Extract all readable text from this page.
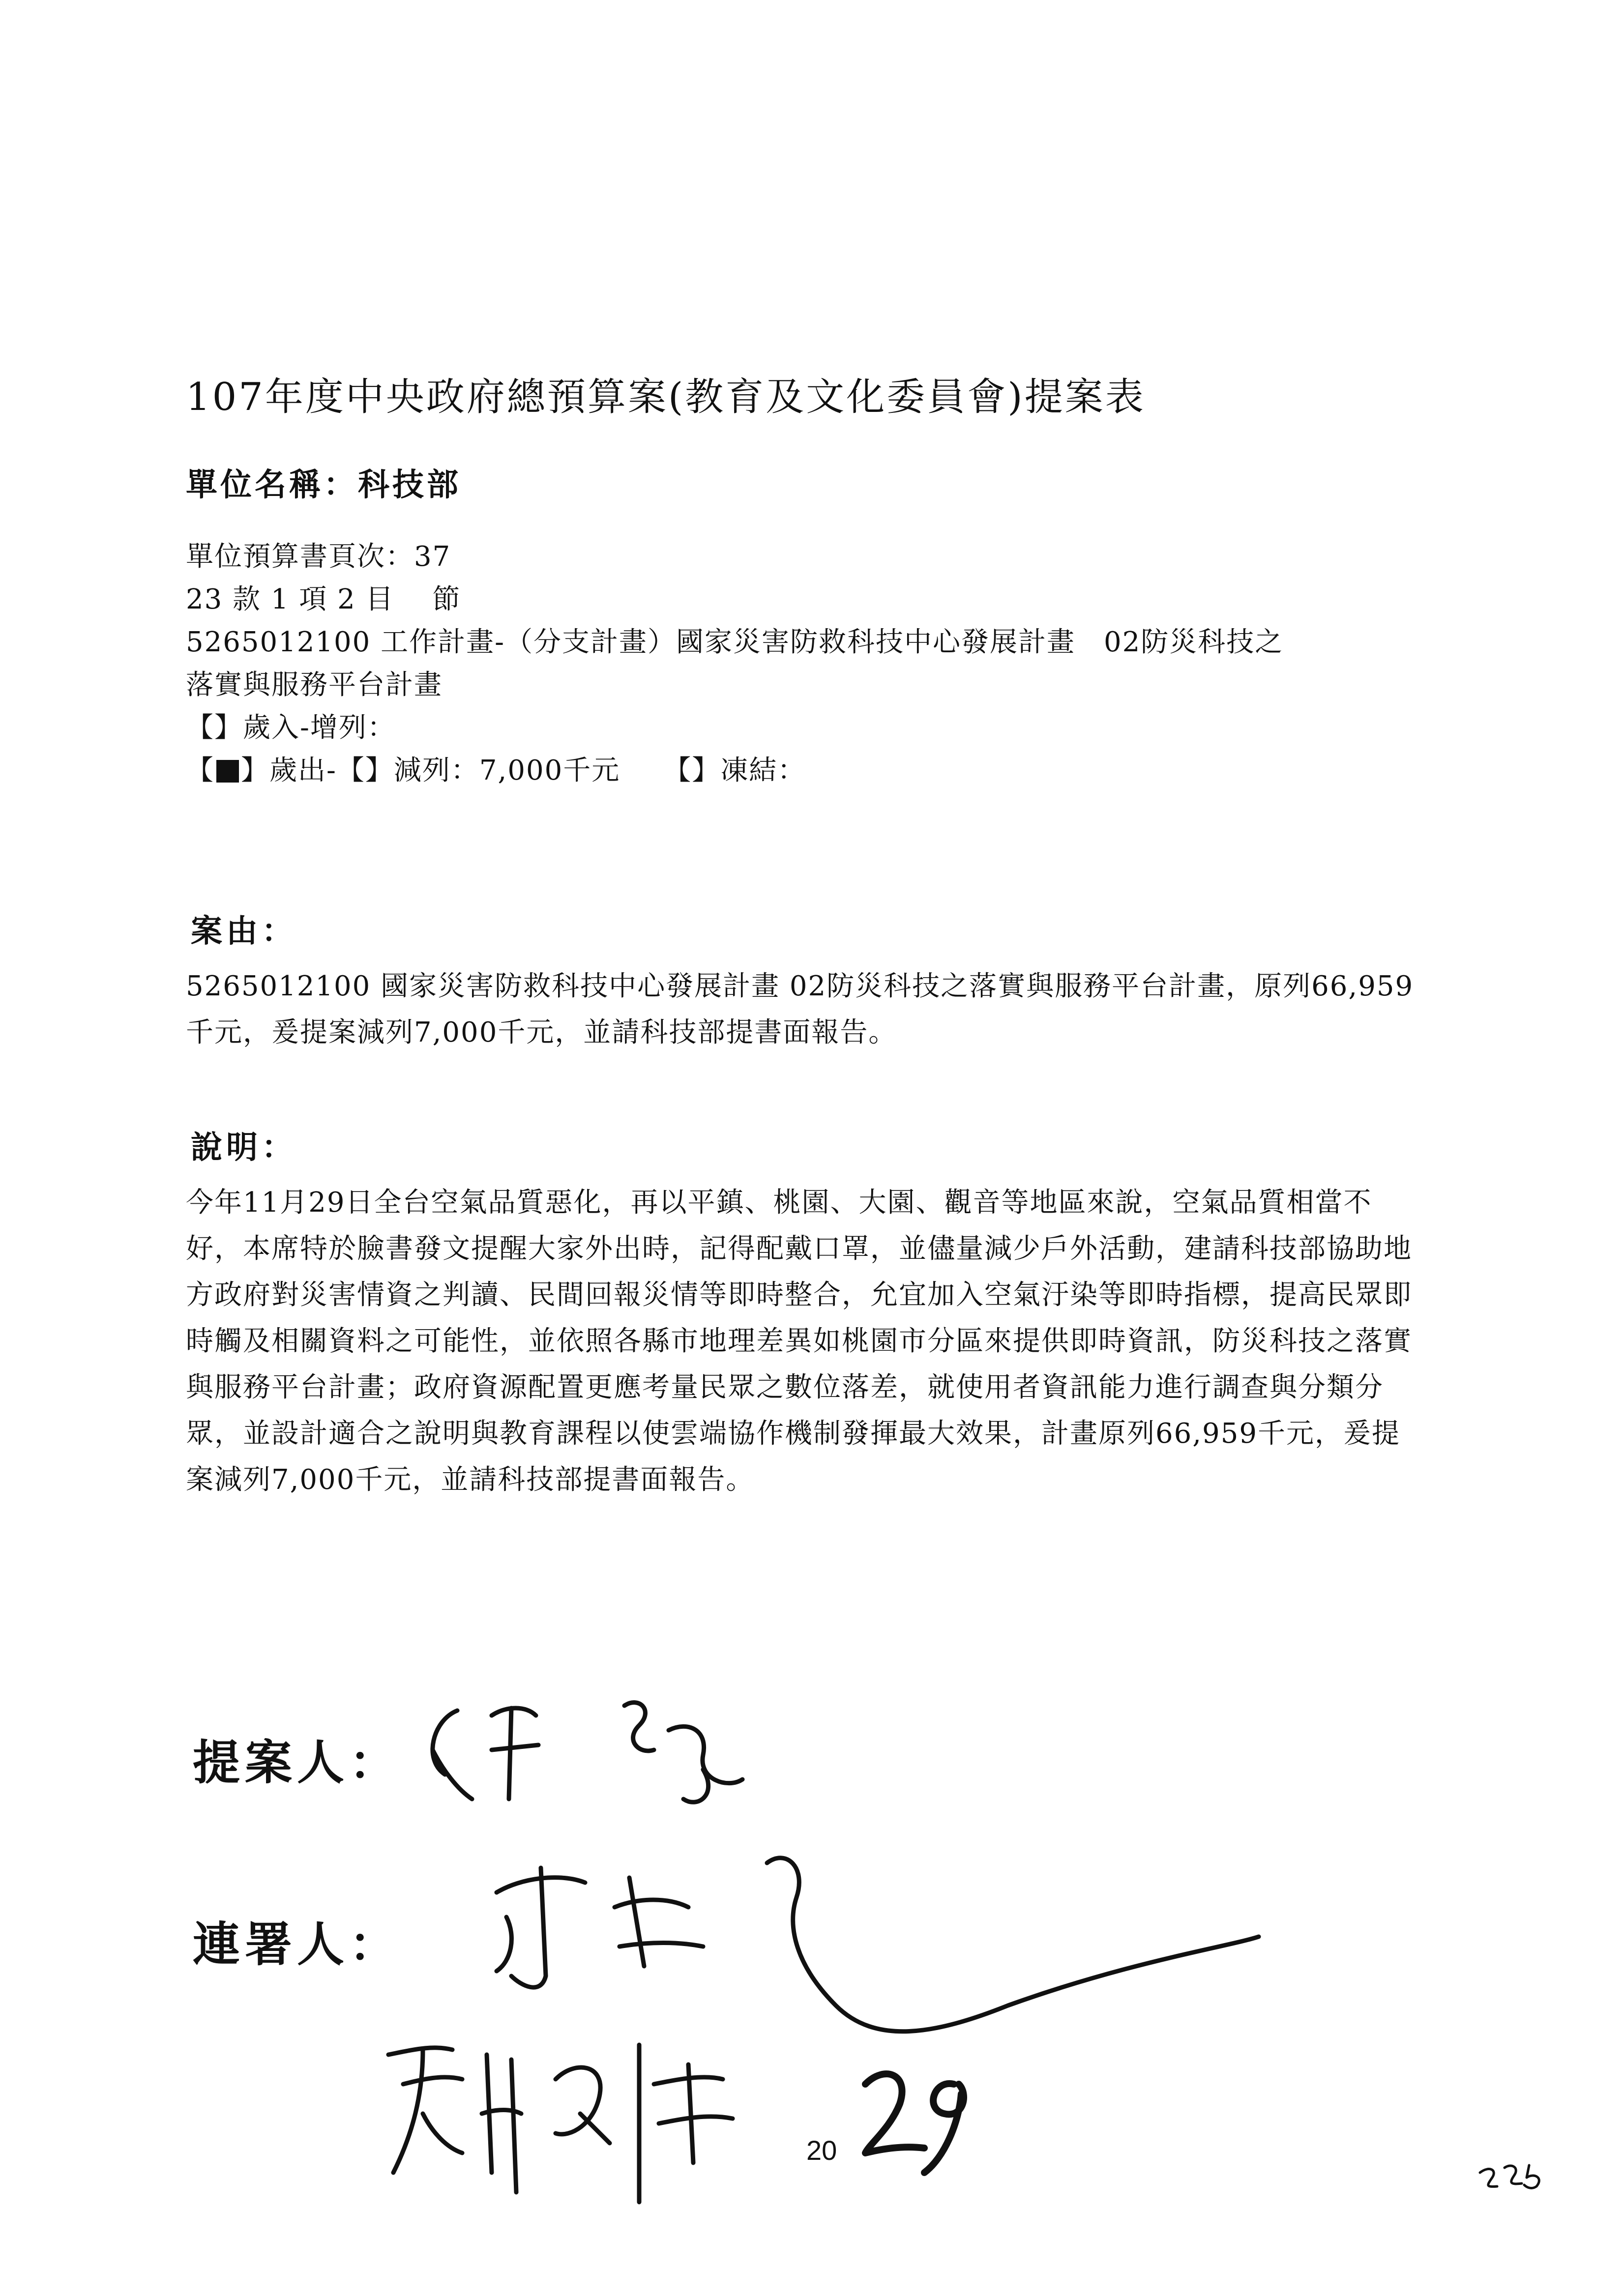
107年度中央政府總預算案(教育及文化委員會)提案表
單位名稱：科技部
單位預算書頁次：37
23 款 1 項 2 目 　節
5265012100 工作計畫-（分支計畫）國家災害防救科技中心發展計畫　02防災科技之
落實與服務平台計畫
【】歲入-增列：
【 】歲出-【】減列：7,000千元　　【】凍結：
案由：
5265012100 國家災害防救科技中心發展計畫 02防災科技之落實與服務平台計畫，原列66,959千元，爰提案減列7,000千元，並請科技部提書面報告。
說明：
今年11月29日全台空氣品質惡化，再以平鎮、桃園、大園、觀音等地區來說，空氣品質相當不好，本席特於臉書發文提醒大家外出時，記得配戴口罩，並儘量減少戶外活動，建請科技部協助地方政府對災害情資之判讀、民間回報災情等即時整合，允宜加入空氣汙染等即時指標，提高民眾即時觸及相關資料之可能性，並依照各縣市地理差異如桃園市分區來提供即時資訊，防災科技之落實與服務平台計畫；政府資源配置更應考量民眾之數位落差，就使用者資訊能力進行調查與分類分眾，並設計適合之說明與教育課程以使雲端協作機制發揮最大效果，計畫原列66,959千元，爰提案減列7,000千元，並請科技部提書面報告。
提案人：
連署人：
20
